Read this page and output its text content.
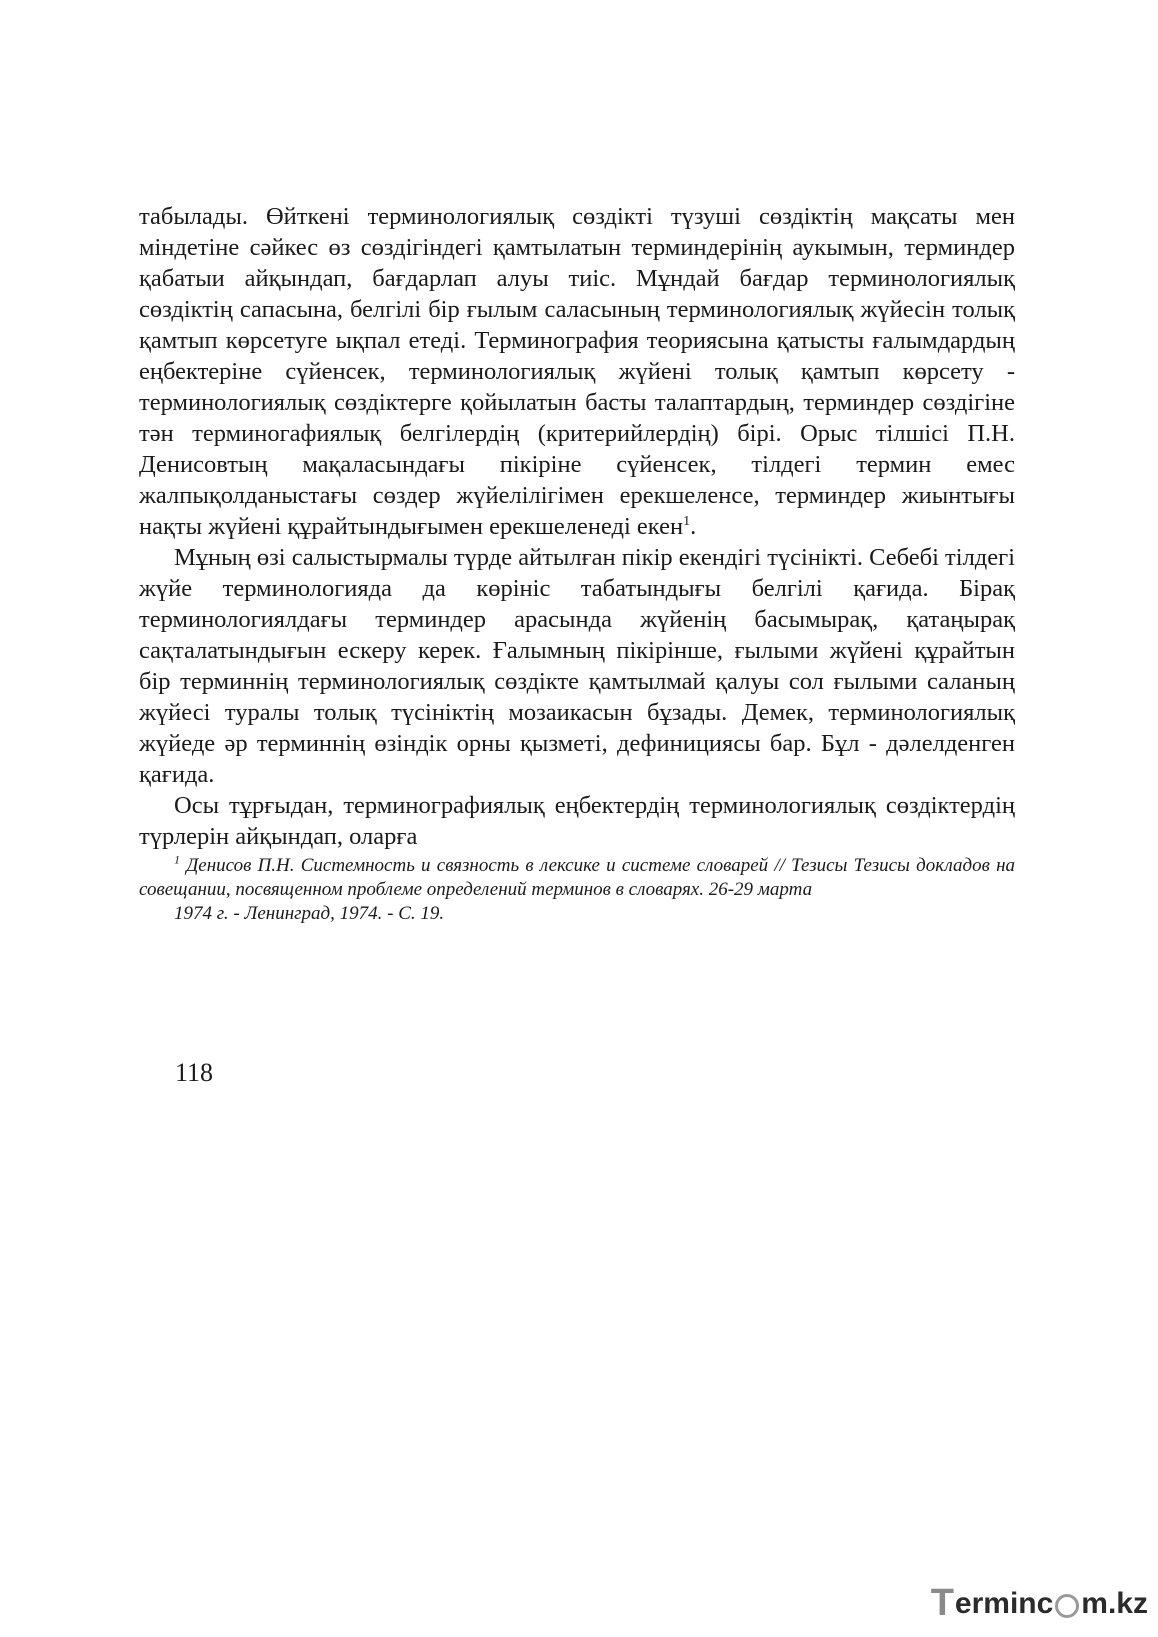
табылады. Өйткені терминологиялық сөздікті түзуші сөздіктің мақсаты мен міндетіне сәйкес өз сөздігіндегі қамтылатын терминдерінің аукымын, терминдер қабатыи айқындап, бағдарлап алуы тиіс. Мұндай бағдар терминологиялық сөздіктің сапасына, белгілі бір ғылым саласының терминологиялық жүйесін толық қамтып көрсетуге ықпал етеді. Терминография теориясына қатысты ғалымдардың еңбектеріне сүйенсек, терминологиялық жүйені толық қамтып көрсету - терминологиялық сөздіктерге қойылатын басты талаптардың, терминдер сөздігіне тән терминогафиялық белгілердің (критерийлердің) бірі. Орыс тілшісі П.Н. Денисовтың мақаласындағы пікіріне сүйенсек, тілдегі термин емес жалпықолданыстағы сөздер жүйелілігімен ерекшеленсе, терминдер жиынтығы нақты жүйені құрайтындығымен ерекшеленеді екен$^1$.

Мұның өзі салыстырмалы түрде айтылған пікір екендігі түсінікті. Себебі тілдегі жүйе терминологияда да көрініс табатындығы белгілі қағида. Бірақ терминологиялдағы терминдер арасында жүйенің басымырақ, қатаңырақ сақталатындығын ескеру керек. Ғалымның пікірінше, ғылыми жүйені құрайтын бір терминнің терминологиялық сөздікте қамтылмай қалуы сол ғылыми саланың жүйесі туралы толық түсініктің мозаикасын бұзады. Демек, терминологиялық жүйеде әр терминнің өзіндік орны қызметі, дефинициясы бар. Бұл - дәлелденген қағида.

Осы тұрғыдан, терминографиялық еңбектердің терминологиялық сөздіктердің түрлерін айқындап, оларға

$^1$ Денисов П.Н. Системность и связность в лексике и системе словарей // Тезисы Тезисы докладов на совещании, посвященном проблеме определений терминов в словарях. 26-29 марта
1974 г. - Ленинград, 1974. - С. 19.

118
T erminc m.kz
